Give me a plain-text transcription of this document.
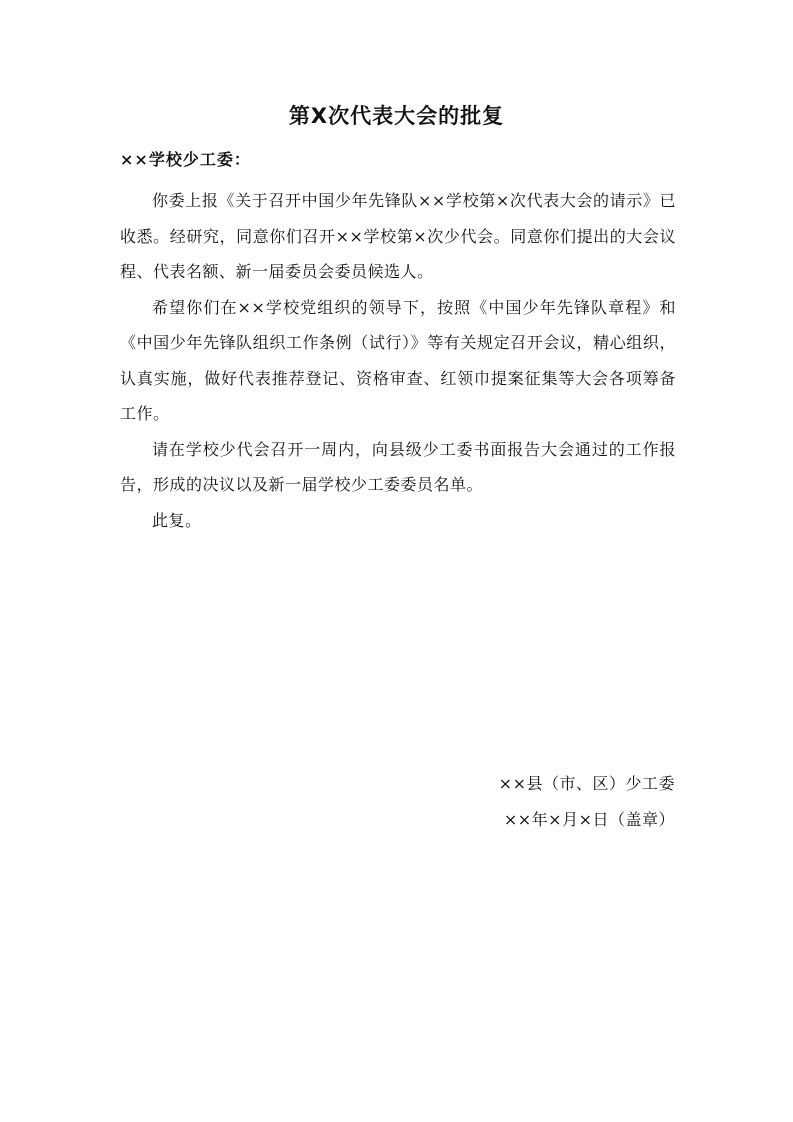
第X次代表大会的批复

××学校少工委：

你委上报《关于召开中国少年先锋队××学校第×次代表大会的请示》已收悉。经研究，同意你们召开××学校第×次少代会。同意你们提出的大会议程、代表名额、新一届委员会委员候选人。

希望你们在××学校党组织的领导下，按照《中国少年先锋队章程》和《中国少年先锋队组织工作条例（试行）》等有关规定召开会议，精心组织，认真实施，做好代表推荐登记、资格审查、红领巾提案征集等大会各项筹备工作。

请在学校少代会召开一周内，向县级少工委书面报告大会通过的工作报告，形成的决议以及新一届学校少工委委员名单。

此复。

××县（市、区）少工委

××年×月×日（盖章）
